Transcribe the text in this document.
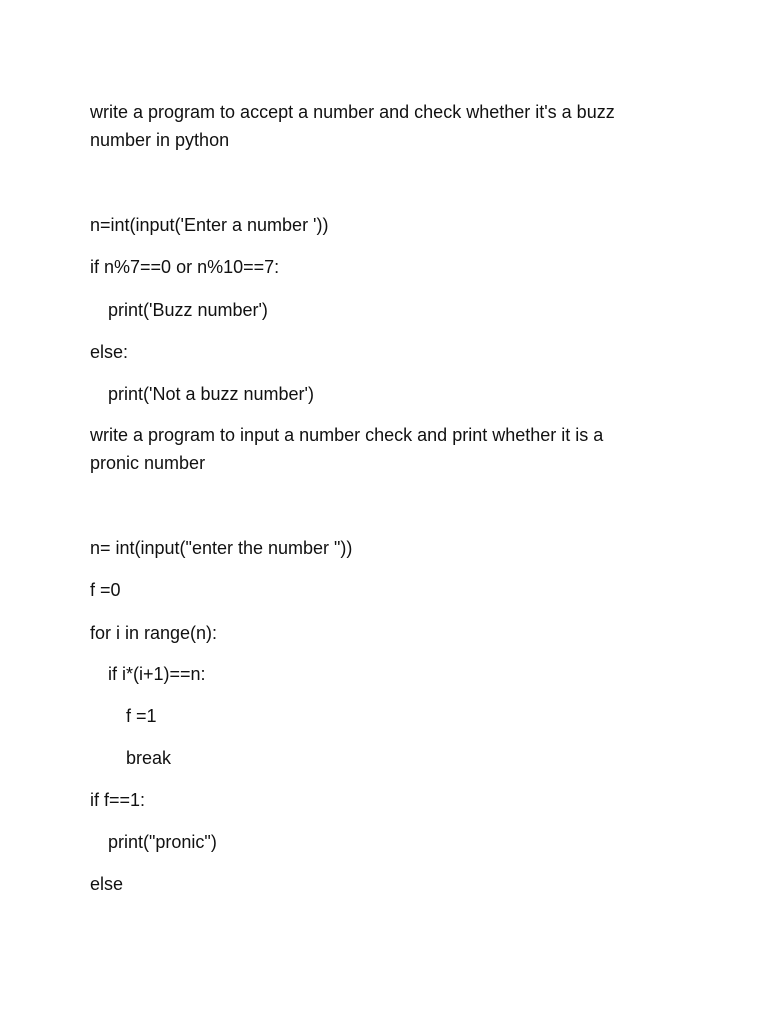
write a program to accept a number and check whether it's a buzz number in python
n=int(input('Enter a number '))
if n%7==0 or n%10==7:
print('Buzz number')
else:
print('Not a buzz number')
write a program to input a number check and print whether it is a pronic number
n= int(input("enter the number "))
f =0
for i in range(n):
if i*(i+1)==n:
f =1
break
if f==1:
print("pronic")
else
